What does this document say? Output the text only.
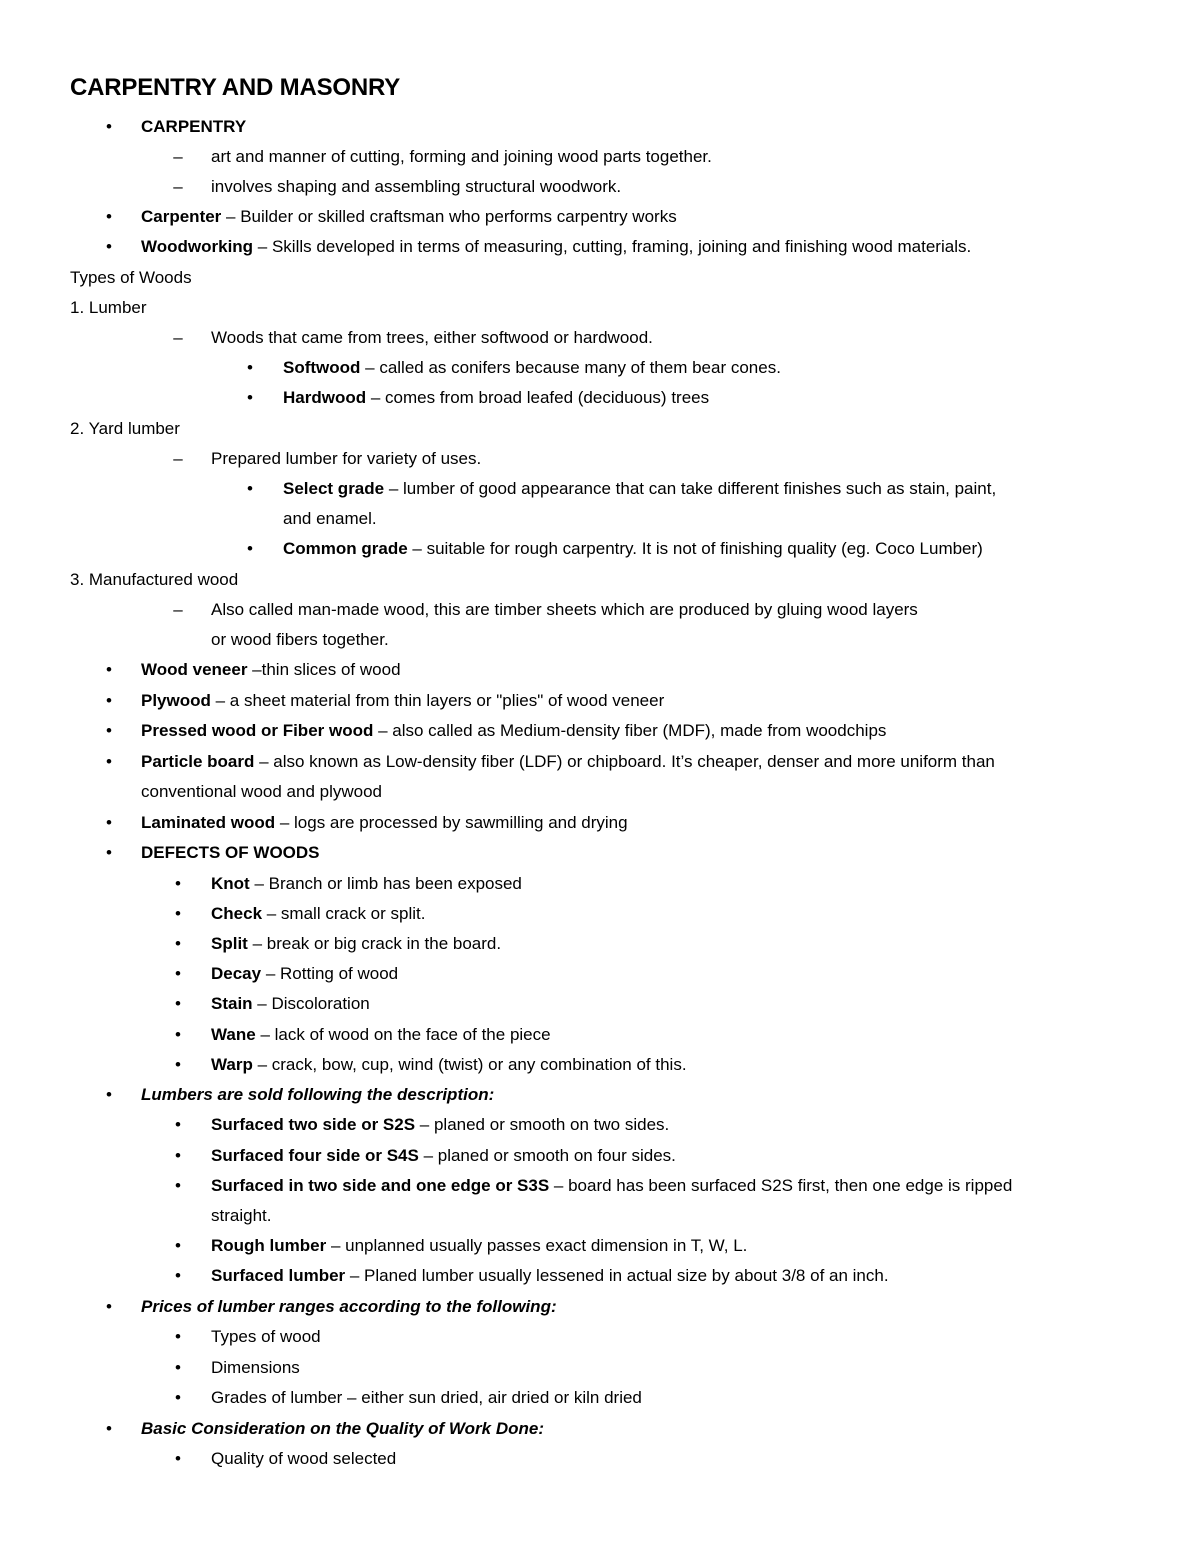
CARPENTRY AND MASONRY
• CARPENTRY
– art and manner of cutting, forming and joining wood parts together.
– involves shaping and assembling structural woodwork.
• Carpenter – Builder or skilled craftsman who performs carpentry works
• Woodworking – Skills developed in terms of measuring, cutting, framing, joining and finishing wood materials.
Types of Woods
1. Lumber
– Woods that came from trees, either softwood or hardwood.
• Softwood – called as conifers because many of them bear cones.
• Hardwood – comes from broad leafed (deciduous) trees
2. Yard lumber
– Prepared lumber for variety of uses.
• Select grade – lumber of good appearance that can take different finishes such as stain, paint,
and enamel.
• Common grade – suitable for rough carpentry. It is not of finishing quality (eg. Coco Lumber)
3. Manufactured wood
– Also called man-made wood, this are timber sheets which are produced by gluing wood layers
or wood fibers together.
• Wood veneer –thin slices of wood
• Plywood – a sheet material from thin layers or "plies" of wood veneer
• Pressed wood or Fiber wood – also called as Medium-density fiber (MDF), made from woodchips
• Particle board – also known as Low-density fiber (LDF) or chipboard. It’s cheaper, denser and more uniform than
conventional wood and plywood
• Laminated wood – logs are processed by sawmilling and drying
• DEFECTS OF WOODS
• Knot – Branch or limb has been exposed
• Check – small crack or split.
• Split – break or big crack in the board.
• Decay – Rotting of wood
• Stain – Discoloration
• Wane – lack of wood on the face of the piece
• Warp – crack, bow, cup, wind (twist) or any combination of this.
• Lumbers are sold following the description:
• Surfaced two side or S2S – planed or smooth on two sides.
• Surfaced four side or S4S – planed or smooth on four sides.
• Surfaced in two side and one edge or S3S – board has been surfaced S2S first, then one edge is ripped
straight.
• Rough lumber – unplanned usually passes exact dimension in T, W, L.
• Surfaced lumber – Planed lumber usually lessened in actual size by about 3/8 of an inch.
• Prices of lumber ranges according to the following:
• Types of wood
• Dimensions
• Grades of lumber – either sun dried, air dried or kiln dried
• Basic Consideration on the Quality of Work Done:
• Quality of wood selected
